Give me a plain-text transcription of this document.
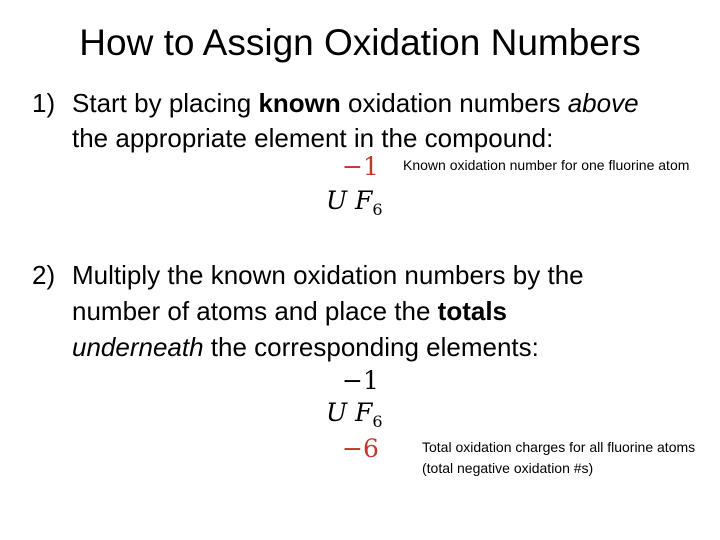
How to Assign Oxidation Numbers
1) Start by placing known oxidation numbers above
the appropriate element in the compound:
−1
U $F_6$
Known oxidation number for one fluorine atom
2) Multiply the known oxidation numbers by the
number of atoms and place the totals
underneath the corresponding elements:
−1
U $F_6$
−6	Total oxidation charges for all fluorine atoms (total negative oxidation #s)
